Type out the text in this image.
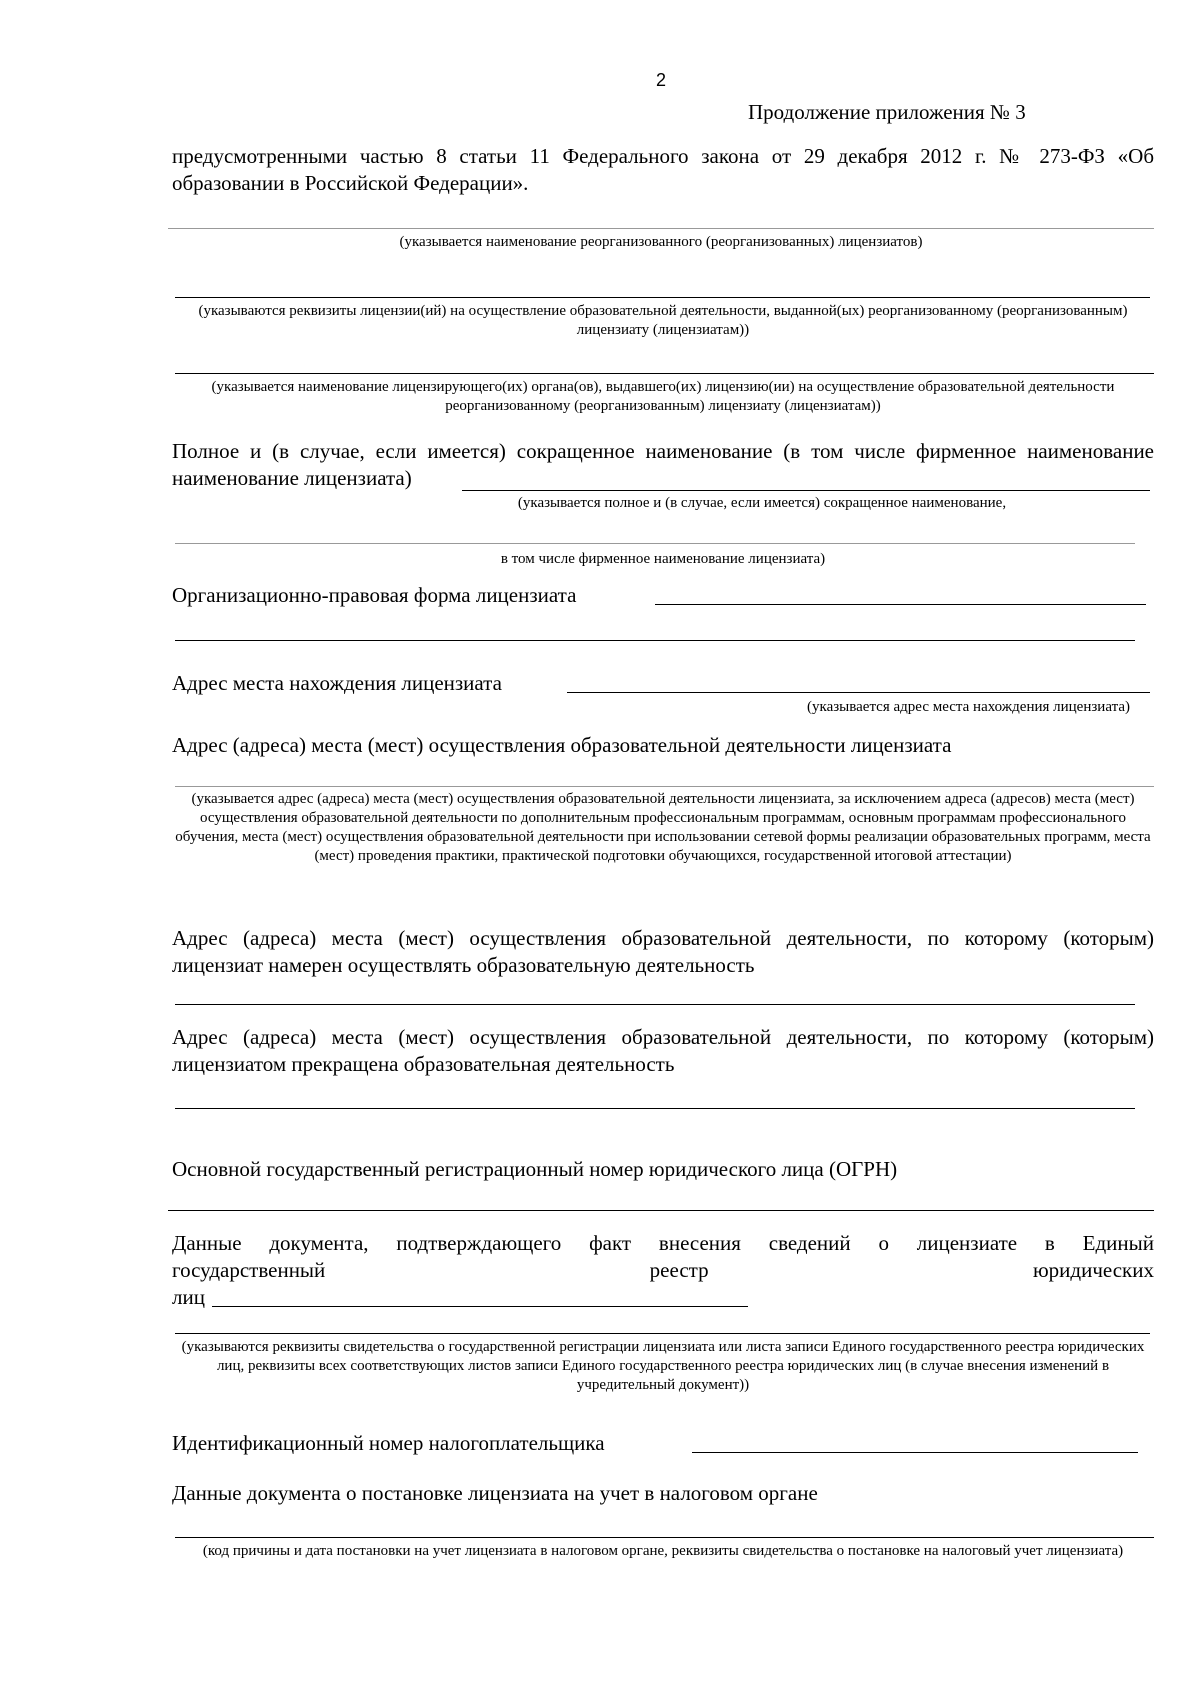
2
Продолжение приложения № 3
предусмотренными частью 8 статьи 11 Федерального закона от 29 декабря 2012 г. № 273-ФЗ «Об образовании в Российской Федерации».
(указывается наименование реорганизованного (реорганизованных) лицензиатов)
(указываются реквизиты лицензии(ий) на осуществление образовательной деятельности, выданной(ых) реорганизованному (реорганизованным) лицензиату (лицензиатам))
(указывается наименование лицензирующего(их) органа(ов), выдавшего(их) лицензию(ии) на осуществление образовательной деятельности реорганизованному (реорганизованным) лицензиату (лицензиатам))
Полное и (в случае, если имеется) сокращенное наименование (в том числе фирменное наименование
наименование лицензиата)
(указывается полное и (в случае, если имеется) сокращенное наименование,
в том числе фирменное наименование лицензиата)
Организационно-правовая форма лицензиата
Адрес места нахождения лицензиата
(указывается адрес места нахождения лицензиата)
Адрес (адреса) места (мест) осуществления образовательной деятельности лицензиата
(указывается адрес (адреса) места (мест) осуществления образовательной деятельности лицензиата, за исключением адреса (адресов) места (мест) осуществления образовательной деятельности по дополнительным профессиональным программам, основным программам профессионального обучения, места (мест) осуществления образовательной деятельности при использовании сетевой формы реализации образовательных программ, места (мест) проведения практики, практической подготовки обучающихся, государственной итоговой аттестации)
Адрес (адреса) места (мест) осуществления образовательной деятельности, по которому (которым) лицензиат намерен осуществлять образовательную деятельность
Адрес (адреса) места (мест) осуществления образовательной деятельности, по которому (которым) лицензиатом прекращена образовательная деятельность
Основной государственный регистрационный номер юридического лица (ОГРН)
Данные документа, подтверждающего факт внесения сведений о лицензиате в Единый
государственный реестр юридических
лиц
(указываются реквизиты свидетельства о государственной регистрации лицензиата или листа записи Единого государственного реестра юридических лиц, реквизиты всех соответствующих листов записи Единого государственного реестра юридических лиц (в случае внесения изменений в учредительный документ))
Идентификационный номер налогоплательщика
Данные документа о постановке лицензиата на учет в налоговом органе
(код причины и дата постановки на учет лицензиата в налоговом органе, реквизиты свидетельства о постановке на налоговый учет лицензиата)
